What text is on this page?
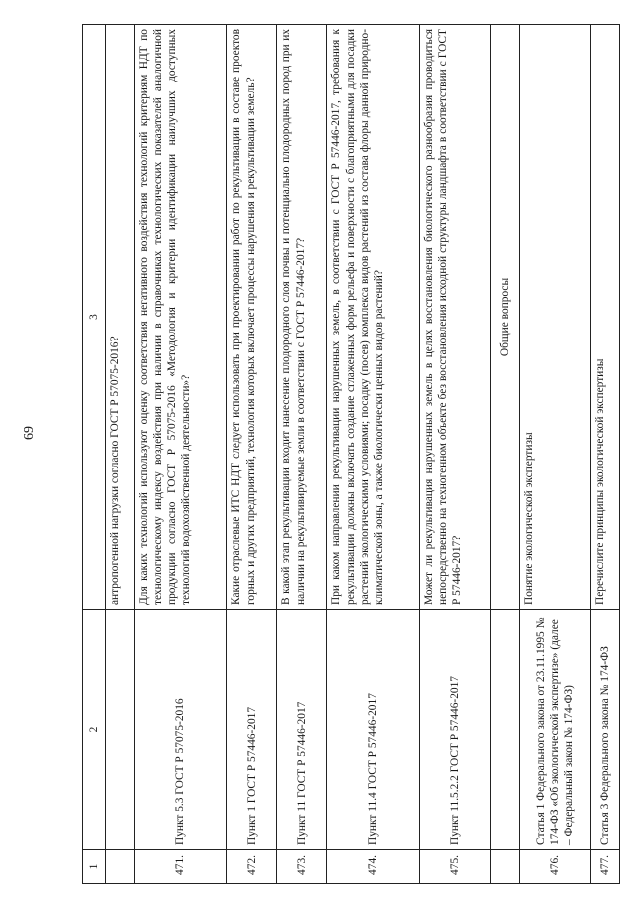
69
1	2	3
		антропогенной нагрузки согласно ГОСТ Р 57075-2016?
471.	Пункт 5.3 ГОСТ Р 57075-2016	Для каких технологий используют оценку соответствия негативного воздействия технологий критериям НДТ по технологическому индексу воздействия при наличии в справочниках технологических показателей аналогичной продукции согласно ГОСТ Р 57075-2016 «Методология и критерии идентификации наилучших доступных технологий водохозяйственной деятельности»?
472.	Пункт 1 ГОСТ Р 57446-2017	Какие отраслевые ИТС НДТ следует использовать при проектировании работ по рекультивации в составе проектов горных и других предприятий, технология которых включает процессы нарушения и рекультивации земель?
473.	Пункт 11 ГОСТ Р 57446-2017	В какой этап рекультивации входит нанесение плодородного слоя почвы и потенциально плодородных пород при их наличии на рекультивируемые земли в соответствии с ГОСТ Р 57446-2017?
474.	Пункт 11.4 ГОСТ Р 57446-2017	При каком направлении рекультивации нарушенных земель, в соответствии с ГОСТ Р 57446-2017, требования к рекультивации должны включать создание сглаженных форм рельефа и поверхности с благоприятными для посадки растений экологическими условиями; посадку (посев) комплекса видов растений из состава флоры данной природно-климатической зоны, а также биологически ценных видов растений?
475.	Пункт 11.5.2.2 ГОСТ Р 57446-2017	Может ли рекультивация нарушенных земель в целях восстановления биологического разнообразия проводиться непосредственно на техногенном объекте без восстановления исходной структуры ландшафта в соответствии с ГОСТ Р 57446-2017?
		Общие вопросы
476.	Статья 1 Федерального закона от 23.11.1995 № 174-ФЗ «Об экологической экспертизе» (далее – Федеральный закон № 174-ФЗ)	Понятие экологической экспертизы
477.	Статья 3 Федерального закона № 174-ФЗ	Перечислите принципы экологической экспертизы
